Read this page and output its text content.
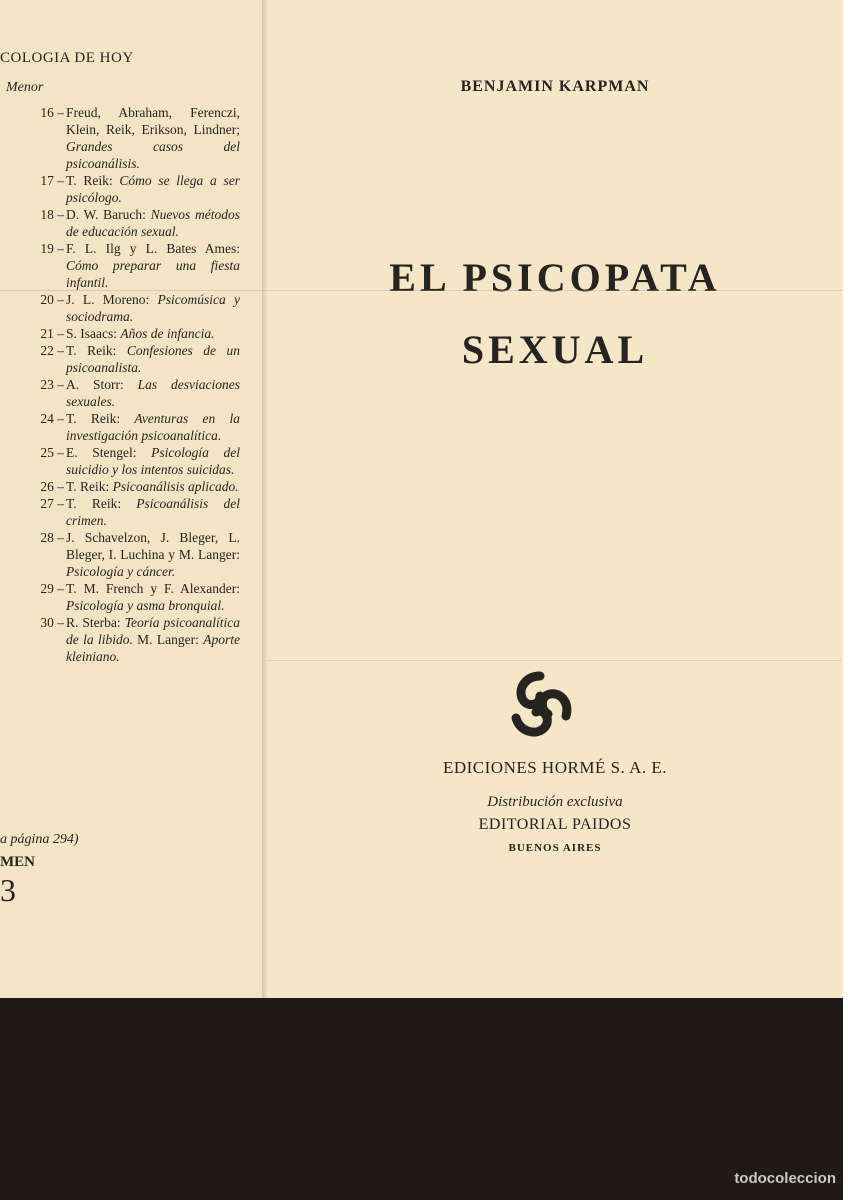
COLOGIA DE HOY
Menor
16 – Freud, Abraham, Ferenczi, Klein, Reik, Erikson, Lindner; Grandes casos del psicoanálisis.
17 – T. Reik: Cómo se llega a ser psicólogo.
18 – D. W. Baruch: Nuevos métodos de educación sexual.
19 – F. L. Ilg y L. Bates Ames: Cómo preparar una fiesta infantil.
20 – J. L. Moreno: Psicomúsica y sociodrama.
21 – S. Isaacs: Años de infancia.
22 – T. Reik: Confesiones de un psicoanalista.
23 – A. Storr: Las desviaciones sexuales.
24 – T. Reik: Aventuras en la investigación psicoanalítica.
25 – E. Stengel: Psicología del suicidio y los intentos suicidas.
26 – T. Reik: Psicoanálisis aplicado.
27 – T. Reik: Psicoanálisis del crimen.
28 – J. Schavelzon, J. Bleger, L. Bleger, I. Luchina y M. Langer: Psicología y cáncer.
29 – T. M. French y F. Alexander: Psicología y asma bronquial.
30 – R. Sterba: Teoría psicoanalítica de la libido. M. Langer: Aporte kleiniano.
a página 294)
MEN
3
BENJAMIN KARPMAN
EL PSICOPATA
SEXUAL
EDICIONES HORMÉ S. A. E.
Distribución exclusiva
EDITORIAL PAIDOS
BUENOS AIRES
todocoleccion
